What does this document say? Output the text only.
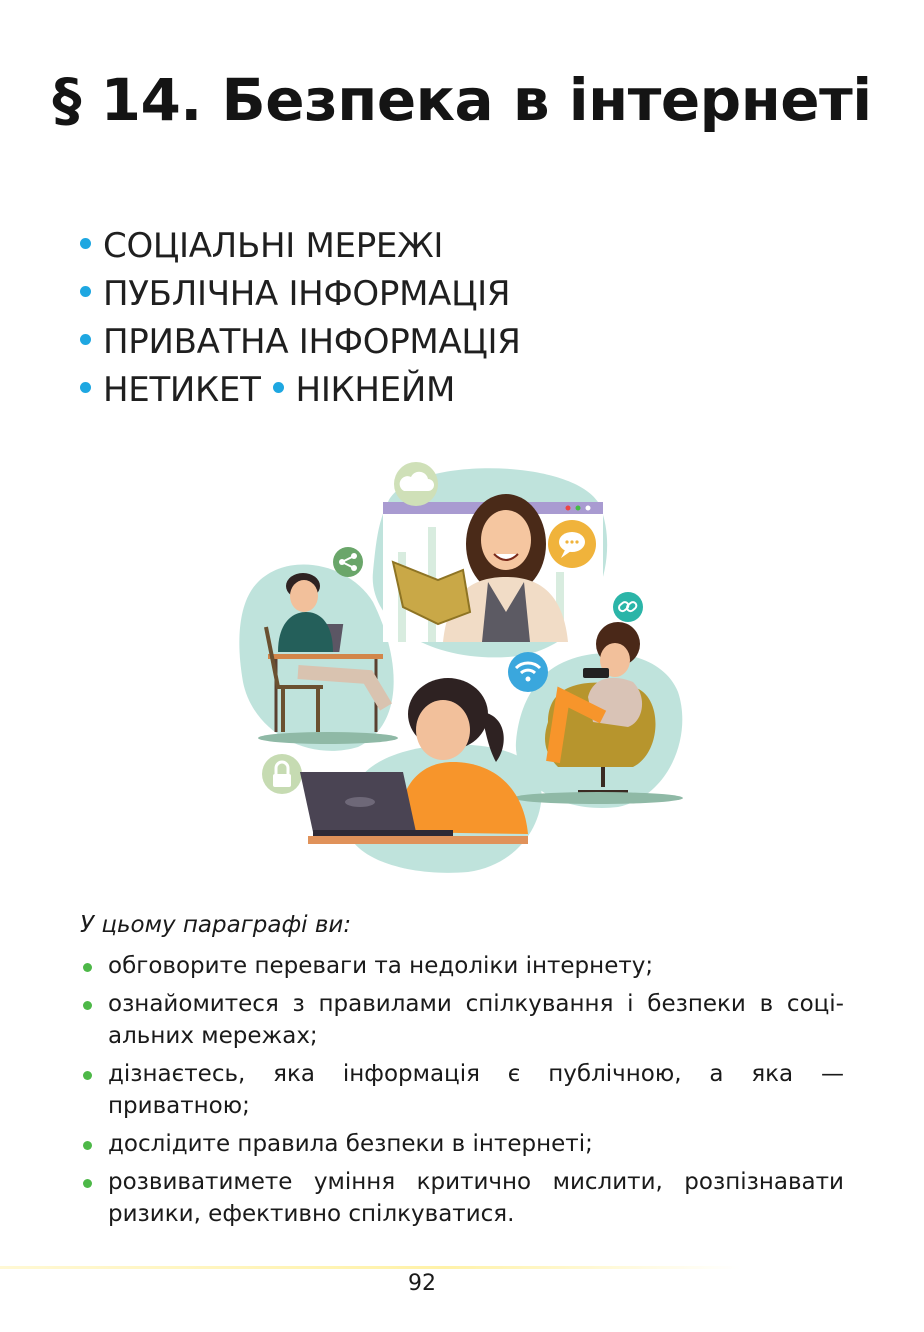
§ 14. Безпека в інтернеті
СОЦІАЛЬНІ МЕРЕЖІ
ПУБЛІЧНА ІНФОРМАЦІЯ
ПРИВАТНА ІНФОРМАЦІЯ
НЕТИКЕТ НІКНЕЙМ
У цьому параграфі ви:
обговорите переваги та недоліки інтернету;
ознайомитеся з правилами спілкування і безпеки в соці-альних мережах;
дізнаєтесь, яка інформація є публічною, а яка — приватною;
дослідите правила безпеки в інтернеті;
розвиватимете уміння критично мислити, розпізнавати ризики, ефективно спілкуватися.
92
